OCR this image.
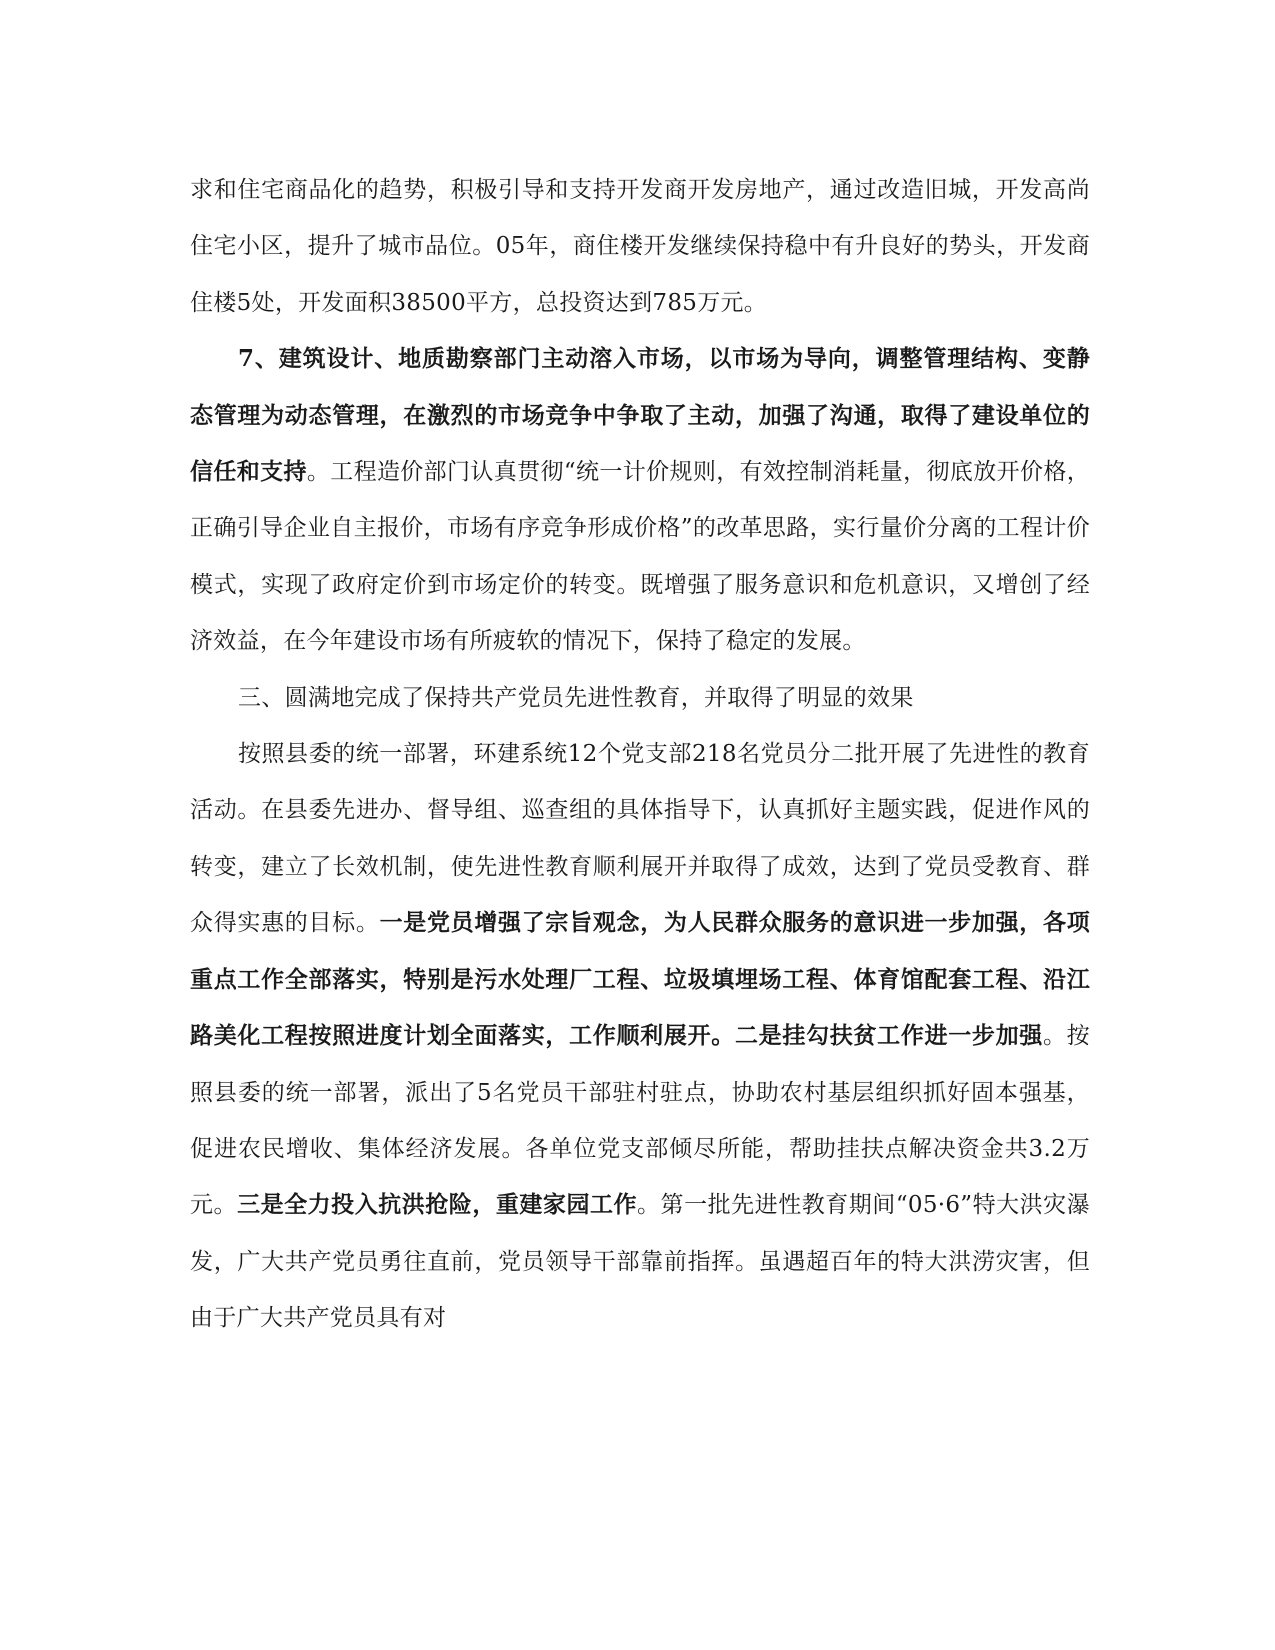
求和住宅商品化的趋势，积极引导和支持开发商开发房地产，通过改造旧城，开发高尚住宅小区，提升了城市品位。05年，商住楼开发继续保持稳中有升良好的势头，开发商住楼5处，开发面积38500平方，总投资达到785万元。

7、建筑设计、地质勘察部门主动溶入市场，以市场为导向，调整管理结构、变静态管理为动态管理，在激烈的市场竞争中争取了主动，加强了沟通，取得了建设单位的信任和支持。工程造价部门认真贯彻“统一计价规则，有效控制消耗量，彻底放开价格，正确引导企业自主报价，市场有序竞争形成价格”的改革思路，实行量价分离的工程计价模式，实现了政府定价到市场定价的转变。既增强了服务意识和危机意识，又增创了经济效益，在今年建设市场有所疲软的情况下，保持了稳定的发展。

三、圆满地完成了保持共产党员先进性教育，并取得了明显的效果

按照县委的统一部署，环建系统12个党支部218名党员分二批开展了先进性的教育活动。在县委先进办、督导组、巡查组的具体指导下，认真抓好主题实践，促进作风的转变，建立了长效机制，使先进性教育顺利展开并取得了成效，达到了党员受教育、群众得实惠的目标。一是党员增强了宗旨观念，为人民群众服务的意识进一步加强，各项重点工作全部落实，特别是污水处理厂工程、垃圾填埋场工程、体育馆配套工程、沿江路美化工程按照进度计划全面落实，工作顺利展开。二是挂勾扶贫工作进一步加强。按照县委的统一部署，派出了5名党员干部驻村驻点，协助农村基层组织抓好固本强基，促进农民增收、集体经济发展。各单位党支部倾尽所能，帮助挂扶点解决资金共3.2万元。三是全力投入抗洪抢险，重建家园工作。第一批先进性教育期间“05·6”特大洪灾瀑发，广大共产党员勇往直前，党员领导干部靠前指挥。虽遇超百年的特大洪涝灾害，但由于广大共产党员具有对
